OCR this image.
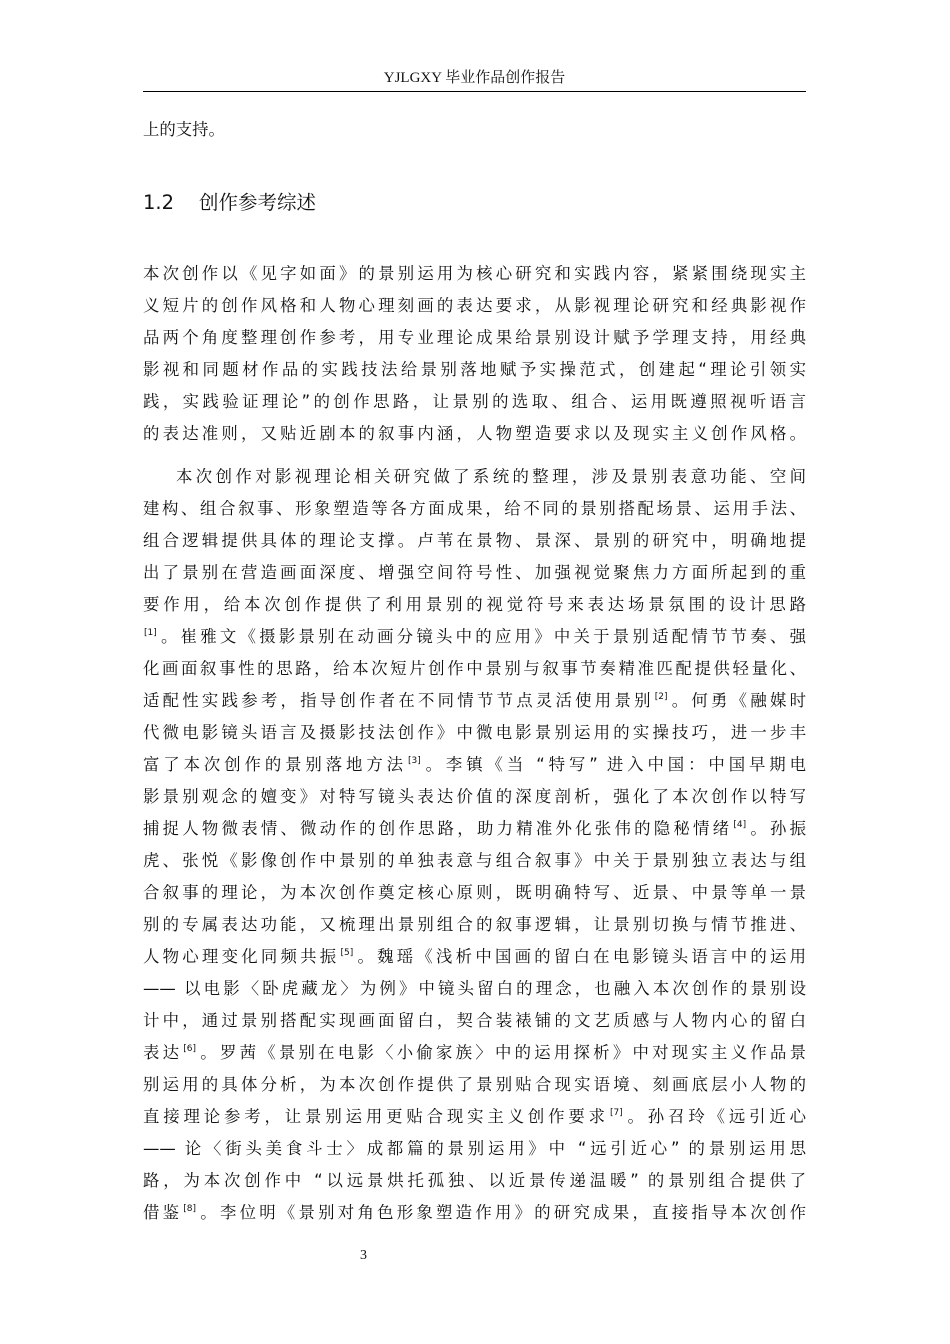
YJLGXY 毕业作品创作报告
上的支持。
1.2 创作参考综述
本次创作以《见字如面》的景别运用为核心研究和实践内容，紧紧围绕现实主
义短片的创作风格和人物心理刻画的表达要求，从影视理论研究和经典影视作
品两个角度整理创作参考，用专业理论成果给景别设计赋予学理支持，用经典
影视和同题材作品的实践技法给景别落地赋予实操范式，创建起“理论引领实
践，实践验证理论”的创作思路，让景别的选取、组合、运用既遵照视听语言
的表达准则，又贴近剧本的叙事内涵，人物塑造要求以及现实主义创作风格。
本次创作对影视理论相关研究做了系统的整理，涉及景别表意功能、空间
建构、组合叙事、形象塑造等各方面成果，给不同的景别搭配场景、运用手法、
组合逻辑提供具体的理论支撑。卢苇在景物、景深、景别的研究中，明确地提
出了景别在营造画面深度、增强空间符号性、加强视觉聚焦力方面所起到的重
要作用，给本次创作提供了利用景别的视觉符号来表达场景氛围的设计思路
[1]。崔雅文《摄影景别在动画分镜头中的应用》中关于景别适配情节节奏、强
化画面叙事性的思路，给本次短片创作中景别与叙事节奏精准匹配提供轻量化、
适配性实践参考，指导创作者在不同情节节点灵活使用景别[2]。何勇《融媒时
代微电影镜头语言及摄影技法创作》中微电影景别运用的实操技巧，进一步丰
富了本次创作的景别落地方法[3]。李镇《当 “特写” 进入中国：中国早期电
影景别观念的嬗变》对特写镜头表达价值的深度剖析，强化了本次创作以特写
捕捉人物微表情、微动作的创作思路，助力精准外化张伟的隐秘情绪[4]。孙振
虎、张悦《影像创作中景别的单独表意与组合叙事》中关于景别独立表达与组
合叙事的理论，为本次创作奠定核心原则，既明确特写、近景、中景等单一景
别的专属表达功能，又梳理出景别组合的叙事逻辑，让景别切换与情节推进、
人物心理变化同频共振[5]。魏瑶《浅析中国画的留白在电影镜头语言中的运用
—— 以电影〈卧虎藏龙〉为例》中镜头留白的理念，也融入本次创作的景别设
计中，通过景别搭配实现画面留白，契合装裱铺的文艺质感与人物内心的留白
表达[6]。罗茜《景别在电影〈小偷家族〉中的运用探析》中对现实主义作品景
别运用的具体分析，为本次创作提供了景别贴合现实语境、刻画底层小人物的
直接理论参考，让景别运用更贴合现实主义创作要求[7]。孙召玲《远引近心
—— 论〈街头美食斗士〉成都篇的景别运用》中 “远引近心” 的景别运用思
路，为本次创作中 “以远景烘托孤独、以近景传递温暖” 的景别组合提供了
借鉴[8]。李位明《景别对角色形象塑造作用》的研究成果，直接指导本次创作
3
